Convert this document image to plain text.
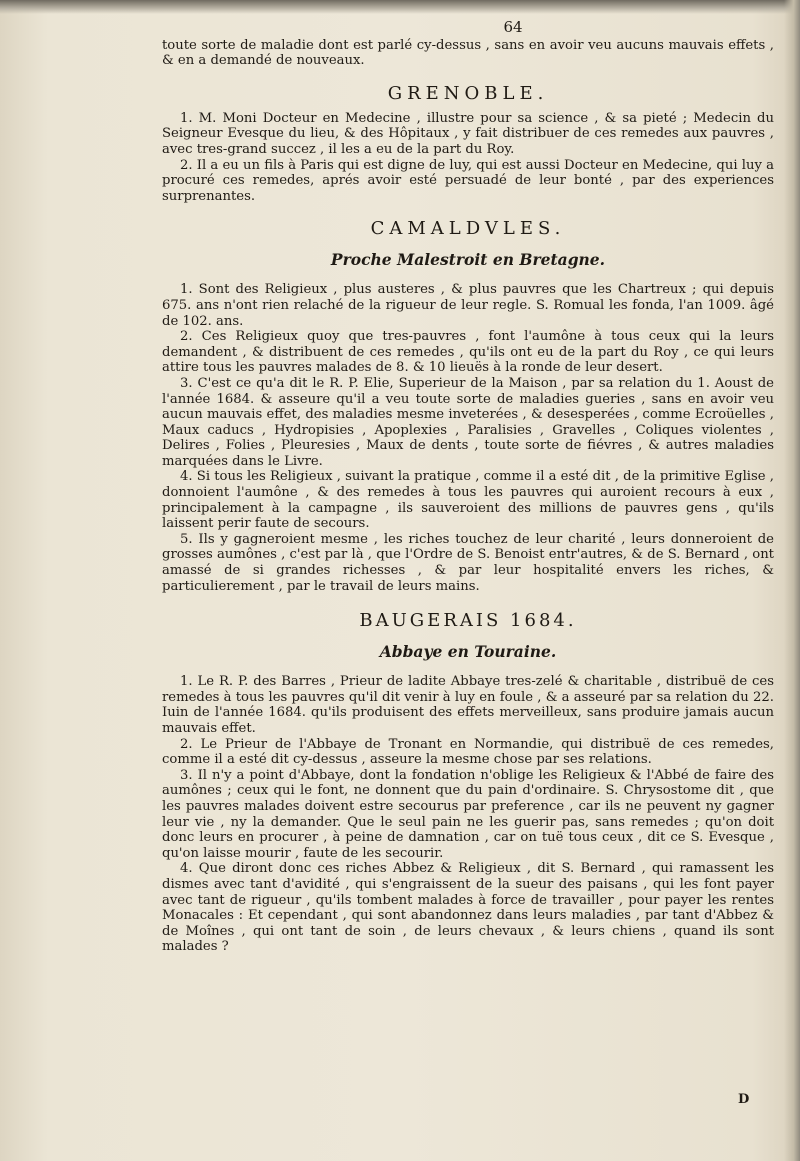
64

toute sorte de maladie dont est parlé cy-dessus , sans en avoir veu aucuns mauvais effets , & en a demandé de nouveaux.

GRENOBLE.

1. M. Moni Docteur en Medecine , illustre pour sa science , & sa pieté ; Medecin du Seigneur Evesque du lieu, & des Hôpitaux , y fait distribuer de ces remedes aux pauvres , avec tres-grand succez , il les a eu de la part du Roy.

2. Il a eu un fils à Paris qui est digne de luy, qui est aussi Docteur en Medecine, qui luy a procuré ces remedes, aprés avoir esté persuadé de leur bonté , par des experiences surprenantes.

CAMALDVLES.
Proche Malestroit en Bretagne.

1. Sont des Religieux , plus austeres , & plus pauvres que les Chartreux ; qui depuis 675. ans n'ont rien relaché de la rigueur de leur regle. S. Romual les fonda, l'an 1009. âgé de 102. ans.

2. Ces Religieux quoy que tres-pauvres , font l'aumône à tous ceux qui la leurs demandent , & distribuent de ces remedes , qu'ils ont eu de la part du Roy , ce qui leurs attire tous les pauvres malades de 8. & 10 lieuës à la ronde de leur desert.

3. C'est ce qu'a dit le R. P. Elie, Superieur de la Maison , par sa relation du 1. Aoust de l'année 1684. & asseure qu'il a veu toute sorte de maladies gueries , sans en avoir veu aucun mauvais effet, des maladies mesme inveterées , & desesperées , comme Ecroüelles , Maux caducs , Hydropisies , Apoplexies , Paralisies , Gravelles , Coliques violentes , Delires , Folies , Pleuresies , Maux de dents , toute sorte de fiévres , & autres maladies marquées dans le Livre.

4. Si tous les Religieux , suivant la pratique , comme il a esté dit , de la primitive Eglise , donnoient l'aumône , & des remedes à tous les pauvres qui auroient recours à eux , principalement à la campagne , ils sauveroient des millions de pauvres gens , qu'ils laissent perir faute de secours.

5. Ils y gagneroient mesme , les riches touchez de leur charité , leurs donneroient de grosses aumônes , c'est par là , que l'Ordre de S. Benoist entr'autres, & de S. Bernard , ont amassé de si grandes richesses , & par leur hospitalité envers les riches, & particulierement , par le travail de leurs mains.

BAUGERAIS 1684.
Abbaye en Touraine.

1. Le R. P. des Barres , Prieur de ladite Abbaye tres-zelé & charitable , distribuë de ces remedes à tous les pauvres qu'il dit venir à luy en foule , & a asseuré par sa relation du 22. Iuin de l'année 1684. qu'ils produisent des effets merveilleux, sans produire jamais aucun mauvais effet.

2. Le Prieur de l'Abbaye de Tronant en Normandie, qui distribuë de ces remedes, comme il a esté dit cy-dessus , asseure la mesme chose par ses relations.

3. Il n'y a point d'Abbaye, dont la fondation n'oblige les Religieux & l'Abbé de faire des aumônes ; ceux qui le font, ne donnent que du pain d'ordinaire. S. Chrysostome dit , que les pauvres malades doivent estre secourus par preference , car ils ne peuvent ny gagner leur vie , ny la demander. Que le seul pain ne les guerir pas, sans remedes ; qu'on doit donc leurs en procurer , à peine de damnation , car on tuë tous ceux , dit ce S. Evesque , qu'on laisse mourir , faute de les secourir.

4. Que diront donc ces riches Abbez & Religieux , dit S. Bernard , qui ramassent les dismes avec tant d'avidité , qui s'engraissent de la sueur des paisans , qui les font payer avec tant de rigueur , qu'ils tombent malades à force de travailler , pour payer les rentes Monacales : Et cependant , qui sont abandonnez dans leurs maladies , par tant d'Abbez & de Moînes , qui ont tant de soin , de leurs chevaux , & leurs chiens , quand ils sont malades ?

D
